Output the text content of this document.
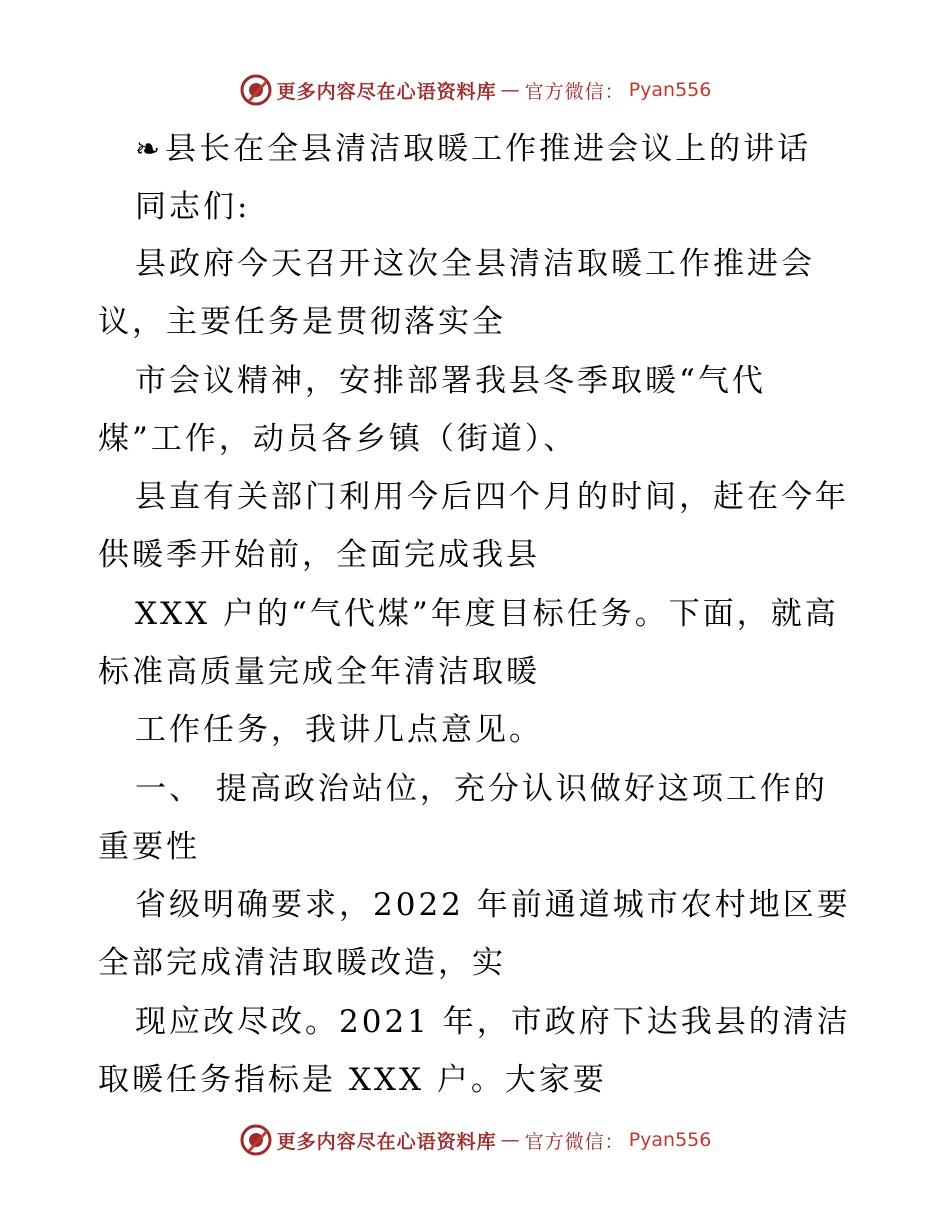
更多内容尽在心语资料库 — 官方微信： Pyan556
❧县长在全县清洁取暖工作推进会议上的讲话
同志们:
县政府今天召开这次全县清洁取暖工作推进会
议，主要任务是贯彻落实全
市会议精神，安排部署我县冬季取暖“气代
煤”工作，动员各乡镇（街道）、
县直有关部门利用今后四个月的时间，赶在今年
供暖季开始前，全面完成我县
XXX 户的“气代煤”年度目标任务。下面，就高
标准高质量完成全年清洁取暖
工作任务，我讲几点意见。
一、 提高政治站位，充分认识做好这项工作的
重要性
省级明确要求，2022 年前通道城市农村地区要
全部完成清洁取暖改造，实
现应改尽改。2021 年，市政府下达我县的清洁
取暖任务指标是 XXX 户。大家要
更多内容尽在心语资料库 — 官方微信： Pyan556
